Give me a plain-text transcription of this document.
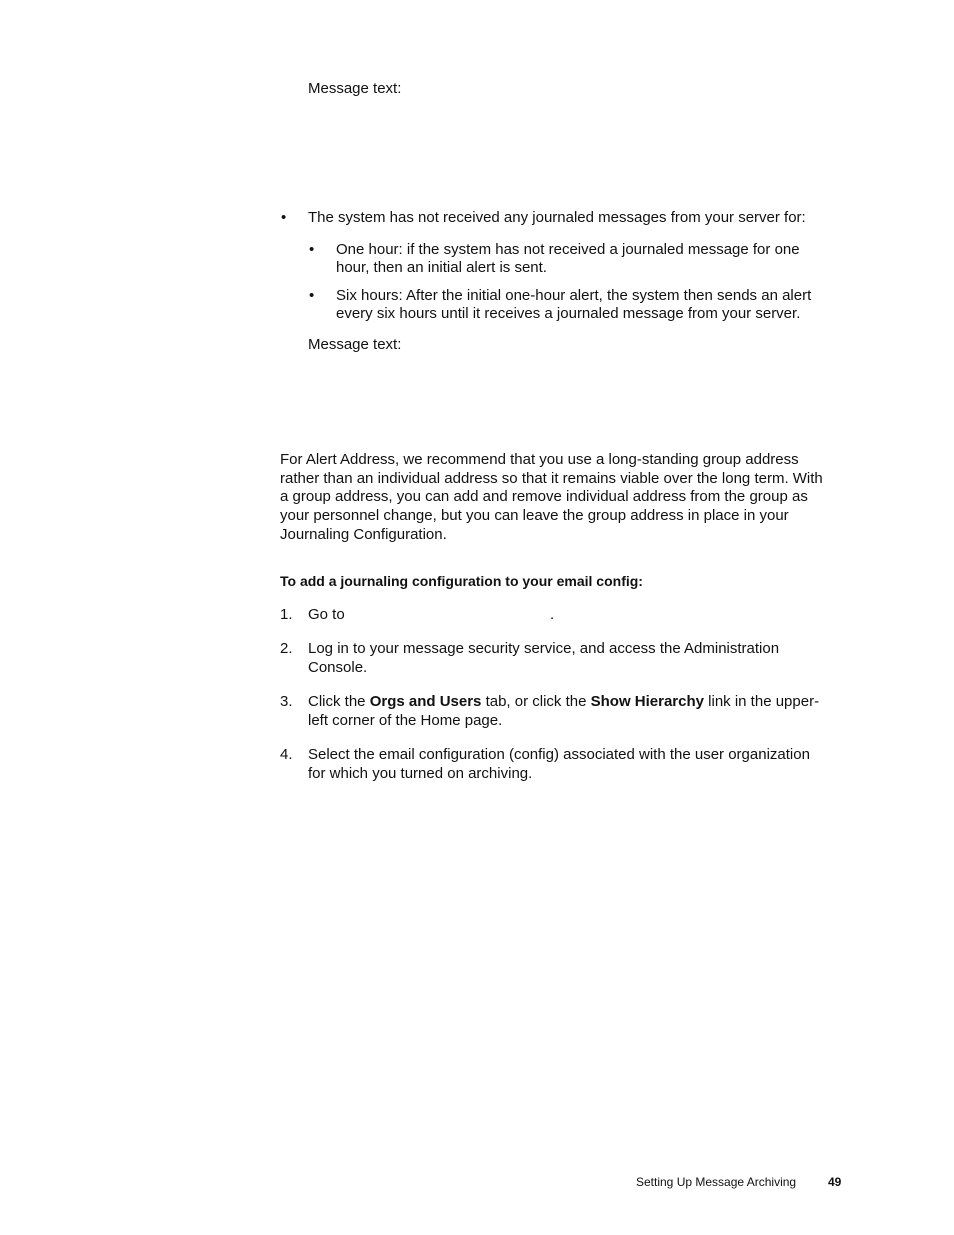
Message text:

• The system has not received any journaled messages from your server for:

• One hour: if the system has not received a journaled message for one

hour, then an initial alert is sent.

• Six hours: After the initial one-hour alert, the system then sends an alert

every six hours until it receives a journaled message from your server.

Message text:

For Alert Address, we recommend that you use a long-standing group address

rather than an individual address so that it remains viable over the long term. With

a group address, you can add and remove individual address from the group as

your personnel change, but you can leave the group address in place in your

Journaling Configuration.

To add a journaling configuration to your email config:

1. Go to	.

2. Log in to your message security service, and access the Administration

Console.

3. Click the Orgs and Users tab, or click the Show Hierarchy link in the upper-

left corner of the Home page.

4. Select the email configuration (config) associated with the user organization

for which you turned on archiving.

Setting Up Message Archiving	49
